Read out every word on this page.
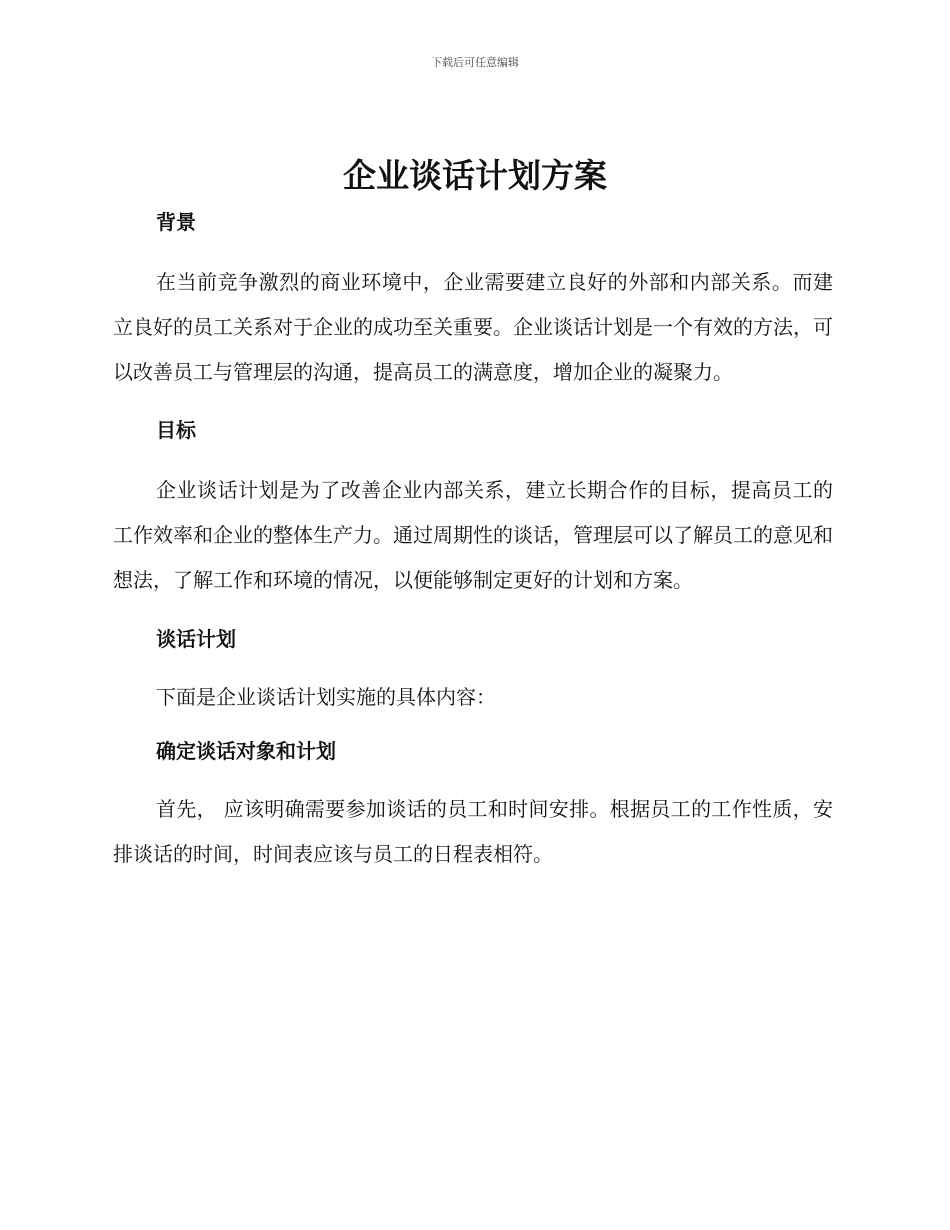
下载后可任意编辑
企业谈话计划方案
背景
在当前竞争激烈的商业环境中，企业需要建立良好的外部和内部关系。而建立良好的员工关系对于企业的成功至关重要。企业谈话计划是一个有效的方法，可以改善员工与管理层的沟通，提高员工的满意度，增加企业的凝聚力。
目标
企业谈话计划是为了改善企业内部关系，建立长期合作的目标，提高员工的工作效率和企业的整体生产力。通过周期性的谈话，管理层可以了解员工的意见和想法，了解工作和环境的情况，以便能够制定更好的计划和方案。
谈话计划
下面是企业谈话计划实施的具体内容：
确定谈话对象和计划
首先， 应该明确需要参加谈话的员工和时间安排。根据员工的工作性质，安排谈话的时间，时间表应该与员工的日程表相符。
